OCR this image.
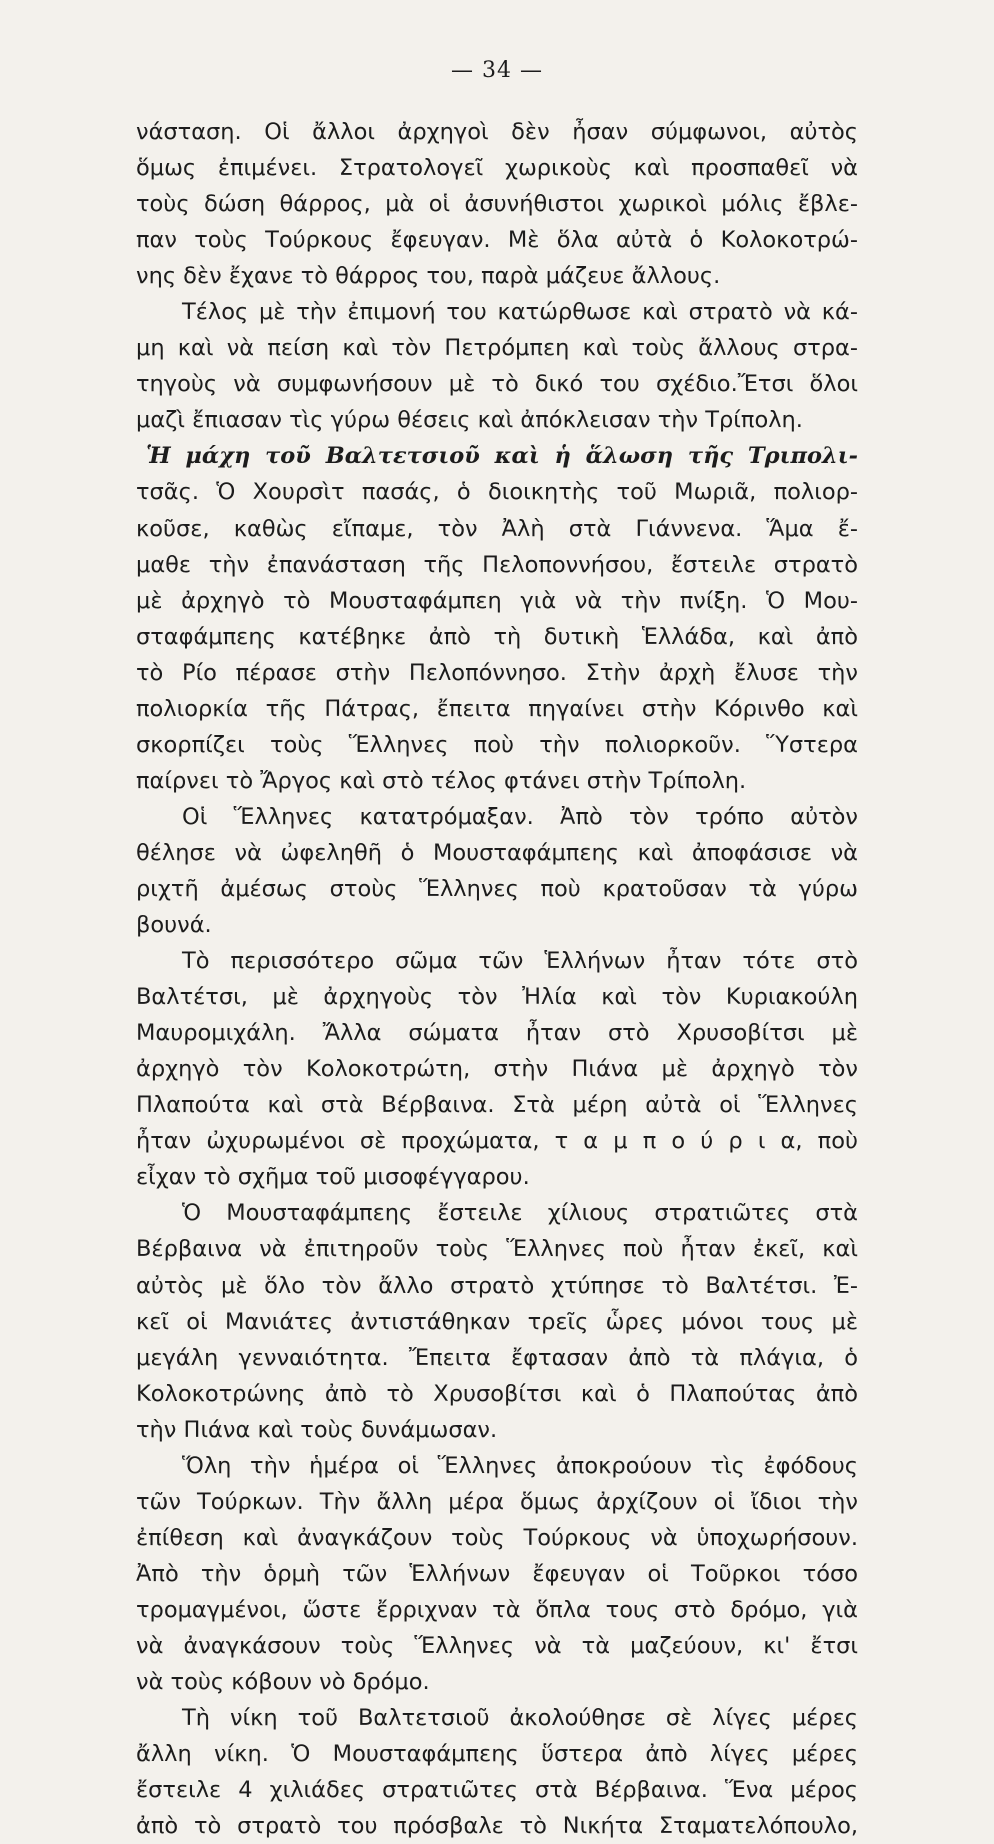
— 34 —
νάσταση. Οἱ ἄλλοι ἀρχηγοὶ δὲν ἦσαν σύμφωνοι, αὐτὸς
ὅμως ἐπιμένει. Στρατολογεῖ χωρικοὺς καὶ προσπαθεῖ νὰ
τοὺς δώση θάρρος, μὰ οἱ ἀσυνήθιστοι χωρικοὶ μόλις ἔβλε-
παν τοὺς Τούρκους ἔφευγαν. Μὲ ὅλα αὐτὰ ὁ Κολοκοτρώ-
νης δὲν ἔχανε τὸ θάρρος του, παρὰ μάζευε ἄλλους.
Τέλος μὲ τὴν ἐπιμονή του κατώρθωσε καὶ στρατὸ νὰ κά-
μη καὶ νὰ πείση καὶ τὸν Πετρόμπεη καὶ τοὺς ἄλλους στρα-
τηγοὺς νὰ συμφωνήσουν μὲ τὸ δικό του σχέδιο.Ἔτσι ὅλοι
μαζὶ ἔπιασαν τὶς γύρω θέσεις καὶ ἀπόκλεισαν τὴν Τρίπολη.
Ἡ μάχη τοῦ Βαλτετσιοῦ καὶ ἡ ἅλωση τῆς Τριπολι-
τσᾶς. Ὁ Χουρσὶτ πασάς, ὁ διοικητὴς τοῦ Μωριᾶ, πολιορ-
κοῦσε, καθὼς εἴπαμε, τὸν Ἀλὴ στὰ Γιάννενα. Ἅμα ἔ-
μαθε τὴν ἐπανάσταση τῆς Πελοποννήσου, ἔστειλε στρατὸ
μὲ ἀρχηγὸ τὸ Μουσταφάμπεη γιὰ νὰ τὴν πνίξη. Ὁ Μου-
σταφάμπεης κατέβηκε ἀπὸ τὴ δυτικὴ Ἑλλάδα, καὶ ἀπὸ
τὸ Ρίο πέρασε στὴν Πελοπόννησο. Στὴν ἀρχὴ ἔλυσε τὴν
πολιορκία τῆς Πάτρας, ἔπειτα πηγαίνει στὴν Κόρινθο καὶ
σκορπίζει τοὺς Ἕλληνες ποὺ τὴν πολιορκοῦν. Ὕστερα
παίρνει τὸ Ἄργος καὶ στὸ τέλος φτάνει στὴν Τρίπολη.
Οἱ Ἕλληνες κατατρόμαξαν. Ἀπὸ τὸν τρόπο αὐτὸν
θέλησε νὰ ὠφεληθῆ ὁ Μουσταφάμπεης καὶ ἀποφάσισε νὰ
ριχτῆ ἀμέσως στοὺς Ἕλληνες ποὺ κρατοῦσαν τὰ γύρω
βουνά.
Τὸ περισσότερο σῶμα τῶν Ἑλλήνων ἦταν τότε στὸ
Βαλτέτσι, μὲ ἀρχηγοὺς τὸν Ἠλία καὶ τὸν Κυριακούλη
Μαυρομιχάλη. Ἄλλα σώματα ἦταν στὸ Χρυσοβίτσι μὲ
ἀρχηγὸ τὸν Κολοκοτρώτη, στὴν Πιάνα μὲ ἀρχηγὸ τὸν
Πλαπούτα καὶ στὰ Βέρβαινα. Στὰ μέρη αὐτὰ οἱ Ἕλληνες
ἦταν ὠχυρωμένοι σὲ προχώματα, τ α μ π ο ύ ρ ι α, ποὺ
εἶχαν τὸ σχῆμα τοῦ μισοφέγγαρου.
Ὁ Μουσταφάμπεης ἔστειλε χίλιους στρατιῶτες στὰ
Βέρβαινα νὰ ἐπιτηροῦν τοὺς Ἕλληνες ποὺ ἦταν ἐκεῖ, καὶ
αὐτὸς μὲ ὅλο τὸν ἄλλο στρατὸ χτύπησε τὸ Βαλτέτσι. Ἐ-
κεῖ οἱ Μανιάτες ἀντιστάθηκαν τρεῖς ὧρες μόνοι τους μὲ
μεγάλη γενναιότητα. Ἔπειτα ἔφτασαν ἀπὸ τὰ πλάγια, ὁ
Κολοκοτρώνης ἀπὸ τὸ Χρυσοβίτσι καὶ ὁ Πλαπούτας ἀπὸ
τὴν Πιάνα καὶ τοὺς δυνάμωσαν.
Ὅλη τὴν ἡμέρα οἱ Ἕλληνες ἀποκρούουν τὶς ἐφόδους
τῶν Τούρκων. Τὴν ἄλλη μέρα ὅμως ἀρχίζουν οἱ ἴδιοι τὴν
ἐπίθεση καὶ ἀναγκάζουν τοὺς Τούρκους νὰ ὑποχωρήσουν.
Ἀπὸ τὴν ὁρμὴ τῶν Ἑλλήνων ἔφευγαν οἱ Τοῦρκοι τόσο
τρομαγμένοι, ὥστε ἔρριχναν τὰ ὅπλα τους στὸ δρόμο, γιὰ
νὰ ἀναγκάσουν τοὺς Ἕλληνες νὰ τὰ μαζεύουν, κι' ἔτσι
νὰ τοὺς κόβουν νὸ δρόμο.
Τὴ νίκη τοῦ Βαλτετσιοῦ ἀκολούθησε σὲ λίγες μέρες
ἄλλη νίκη. Ὁ Μουσταφάμπεης ὕστερα ἀπὸ λίγες μέρες
ἔστειλε 4 χιλιάδες στρατιῶτες στὰ Βέρβαινα. Ἕνα μέρος
ἀπὸ τὸ στρατὸ του πρόσβαλε τὸ Νικήτα Σταματελόπουλο,
